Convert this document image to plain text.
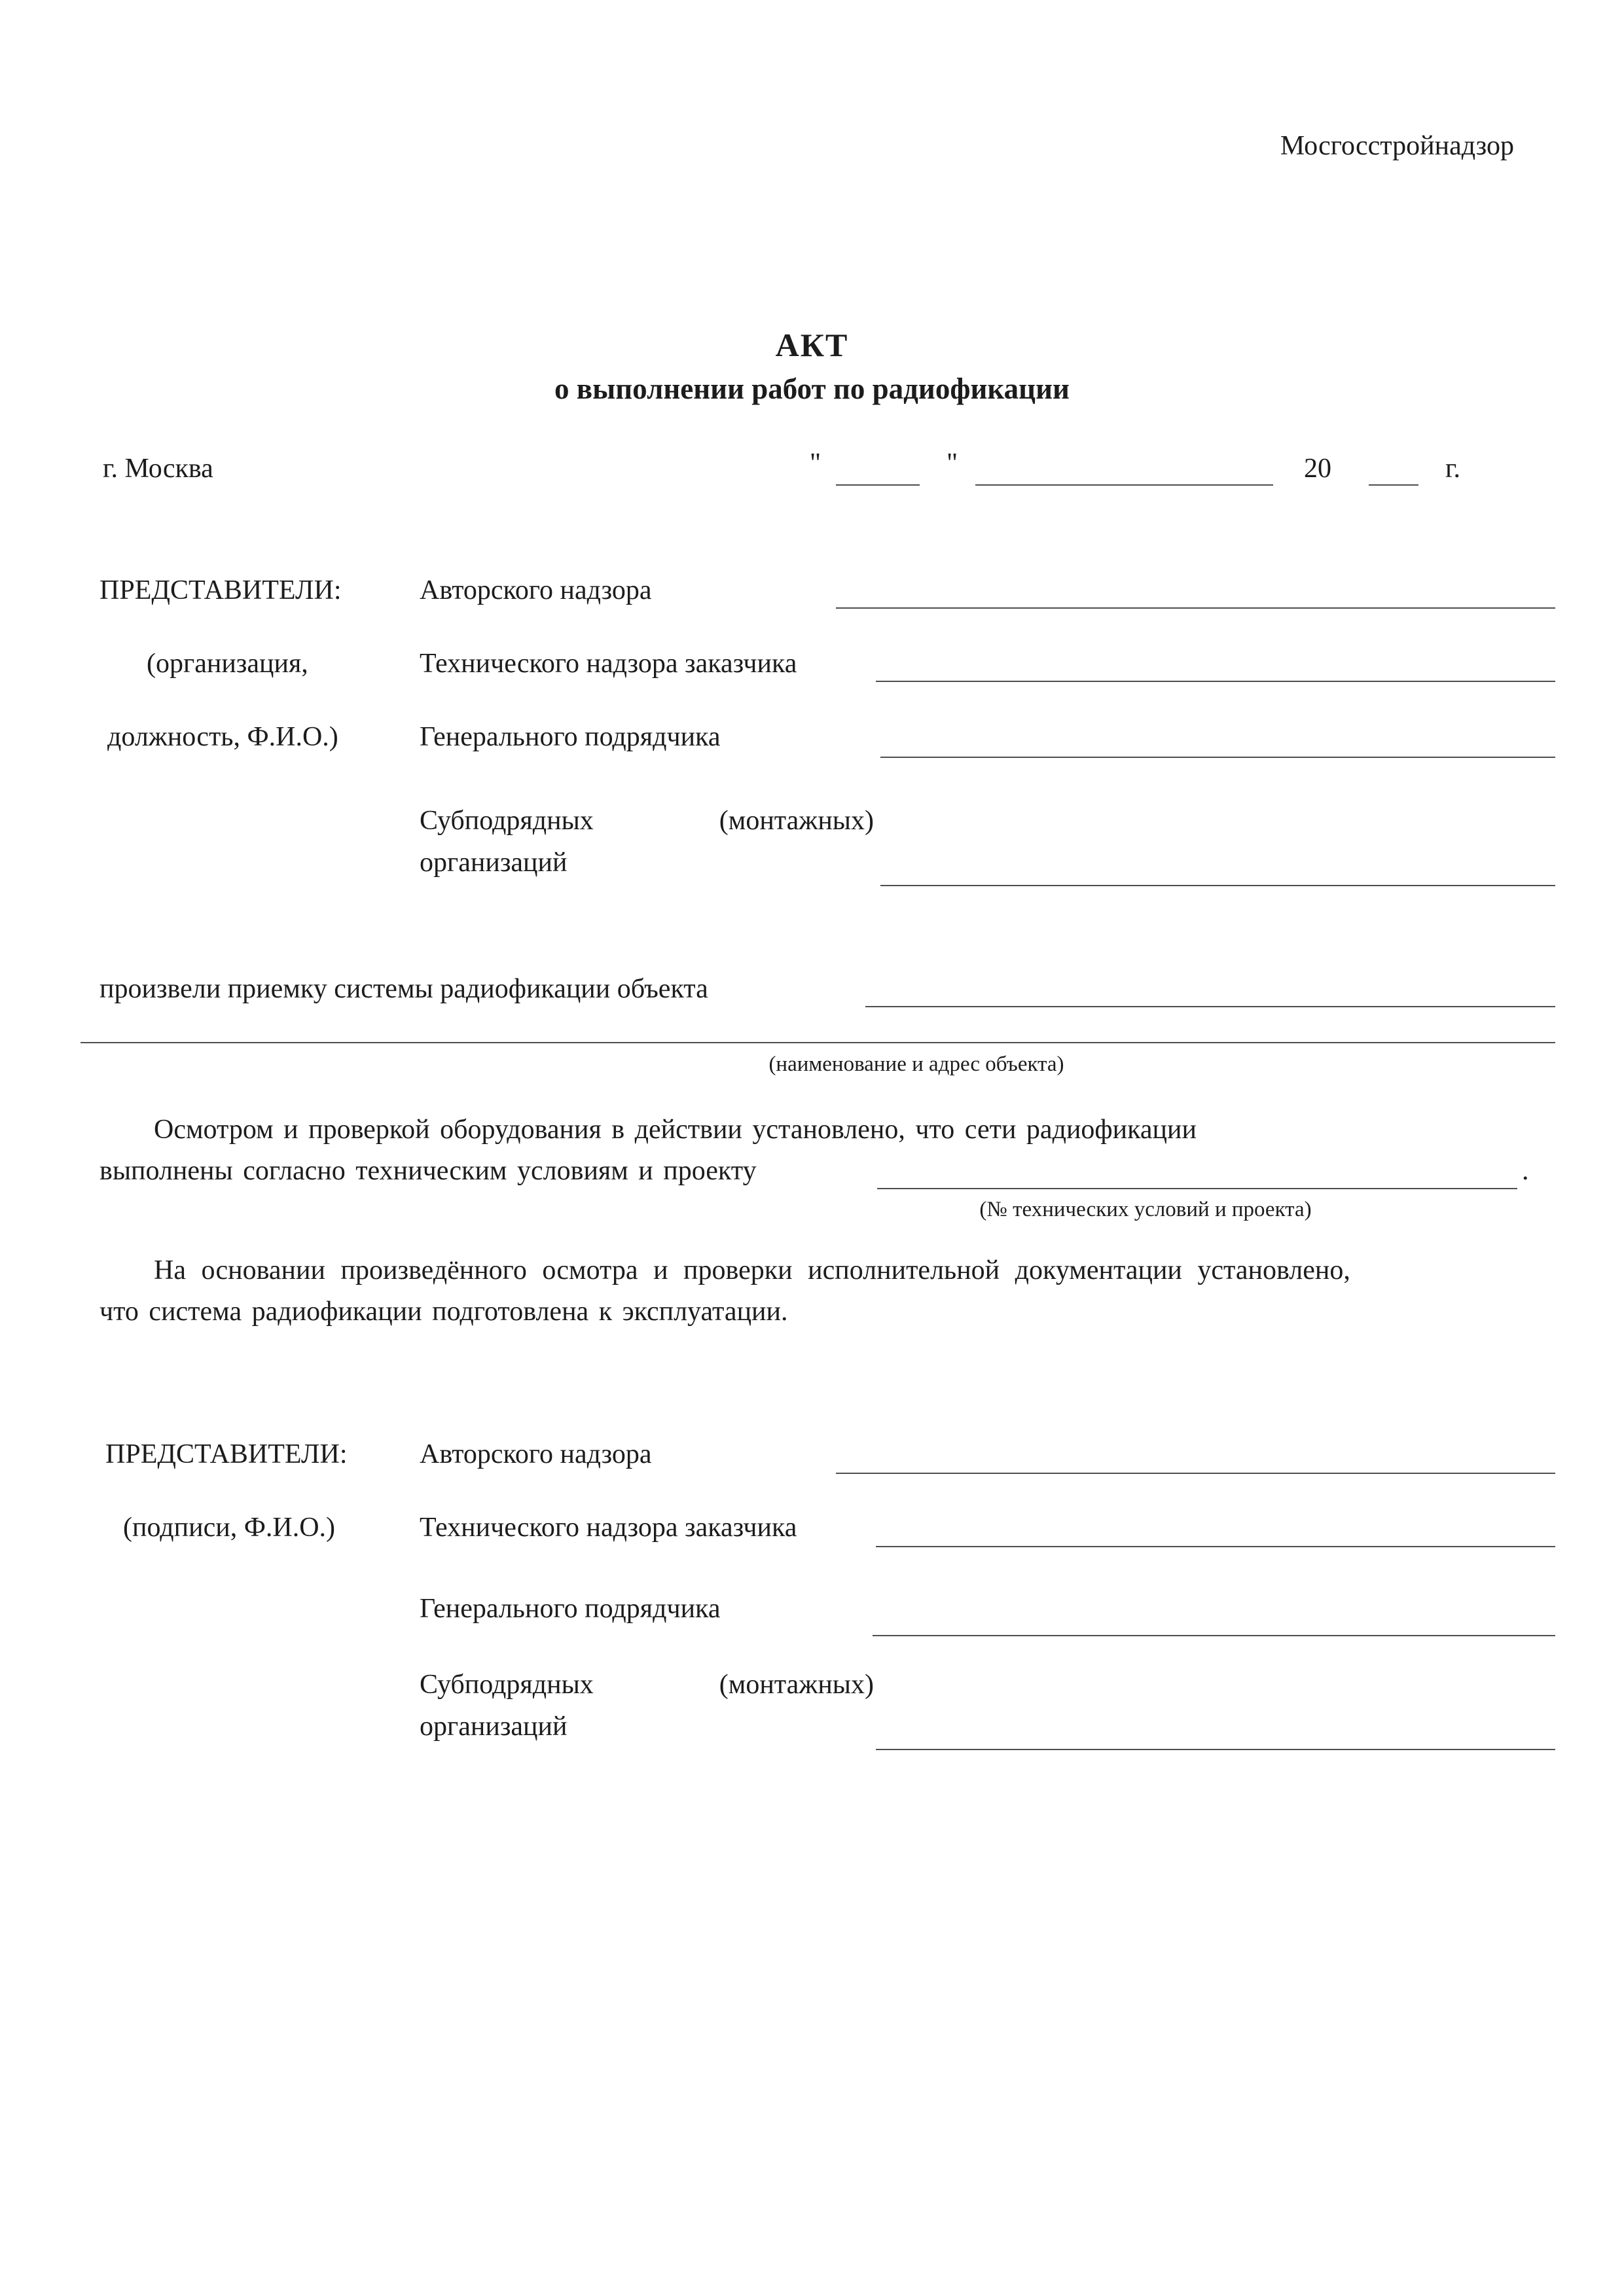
Мосгосстройнадзор
АКТ
о выполнении работ по радиофикации
г. Москва	"	"	20	г.
ПРЕДСТАВИТЕЛИ:	Авторского надзора
(организация,	Технического надзора заказчика
должность, Ф.И.О.)	Генерального подрядчика
Субподрядных	(монтажных)
организаций
произвели приемку системы радиофикации объекта
(наименование и адрес объекта)
Осмотром и проверкой оборудования в действии установлено, что сети радиофикации
выполнены согласно техническим условиям и проекту	.
(№ технических условий и проекта)
На основании произведённого осмотра и проверки исполнительной документации установлено,
что система радиофикации подготовлена к эксплуатации.
ПРЕДСТАВИТЕЛИ:	Авторского надзора
(подписи, Ф.И.О.)	Технического надзора заказчика
Генерального подрядчика
Субподрядных	(монтажных)
организаций
